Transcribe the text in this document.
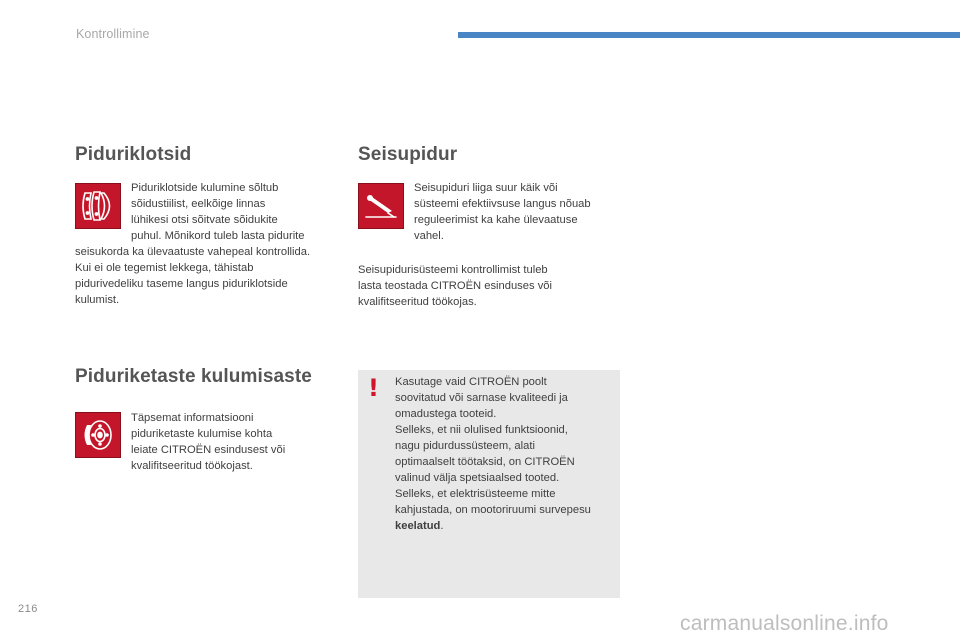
Kontrollimine
Piduriklotsid
Piduriklotside kulumine sõltub
sõidustiilist, eelkõige linnas
lühikesi otsi sõitvate sõidukite
puhul. Mõnikord tuleb lasta pidurite
seisukorda ka ülevaatuste vahepeal kontrollida.
Kui ei ole tegemist lekkega, tähistab
pidurivedeliku taseme langus piduriklotside
kulumist.
Seisupidur
Seisupiduri liiga suur käik või
süsteemi efektiivsuse langus nõuab
reguleerimist ka kahe ülevaatuse
vahel.
Seisupidurisüsteemi kontrollimist tuleb
lasta teostada CITROËN esinduses või
kvalifitseeritud töökojas.
Piduriketaste kulumisaste
Täpsemat informatsiooni
piduriketaste kulumise kohta
leiate CITROËN esindusest või
kvalifitseeritud töökojast.
! Kasutage vaid CITROËN poolt
soovitatud või sarnase kvaliteedi ja
omadustega tooteid.
Selleks, et nii olulised funktsioonid,
nagu pidurdussüsteem, alati
optimaalselt töötaksid, on CITROËN
valinud välja spetsiaalsed tooted.
Selleks, et elektrisüsteeme mitte
kahjustada, on mootoriruumi survepesu
keelatud.
216
carmanualsonline.info
